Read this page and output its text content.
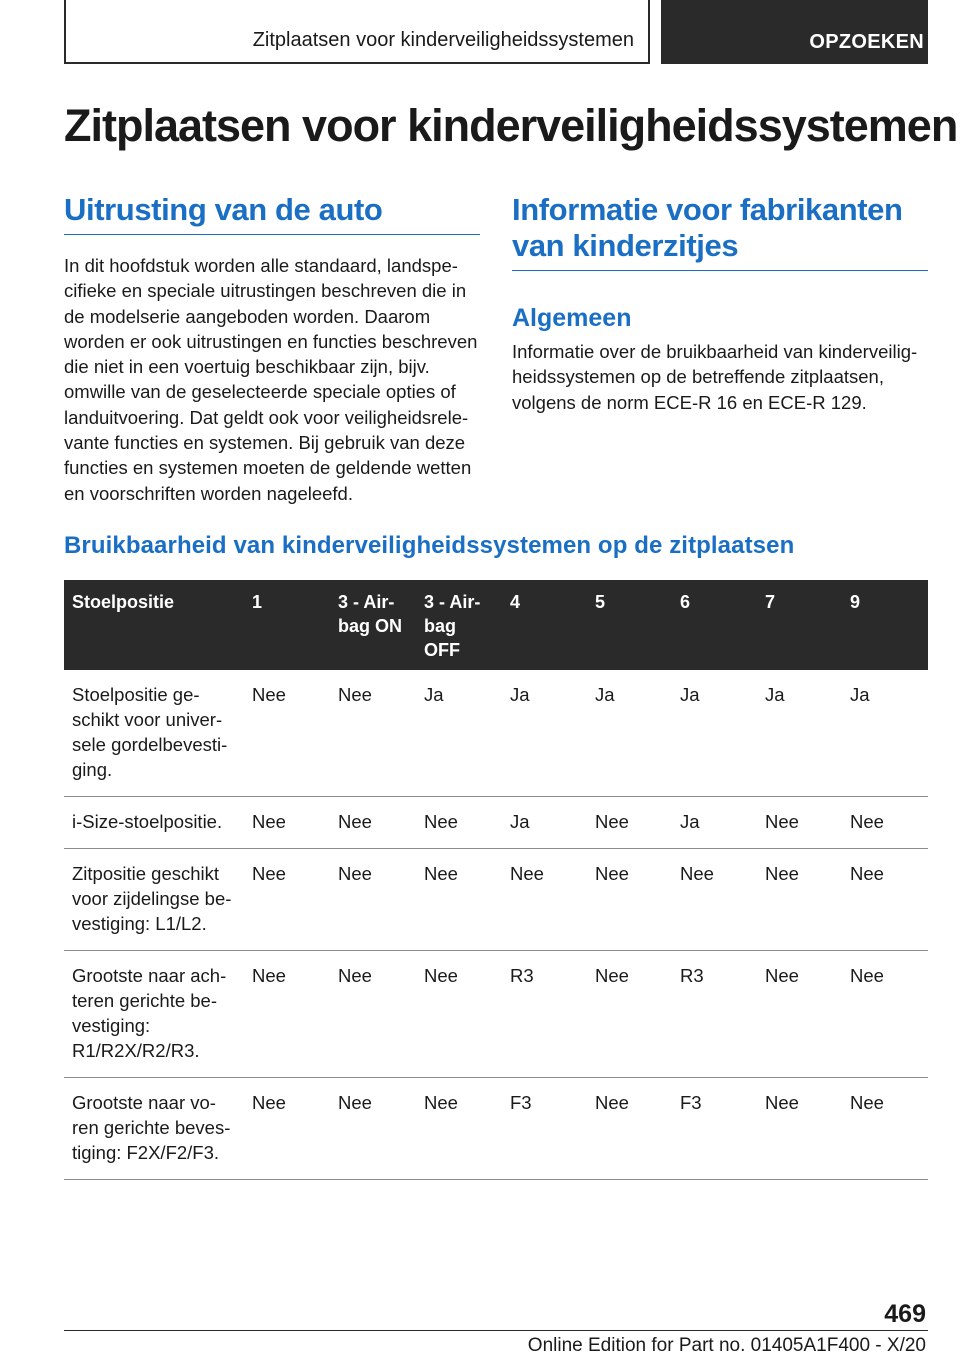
Zitplaatsen voor kinderveiligheidssystemen	OPZOEKEN
Zitplaatsen voor kinderveiligheidssystemen
Uitrusting van de auto

In dit hoofdstuk worden alle standaard, landspecifieke en speciale uitrustingen beschreven die in de modelserie aangeboden worden. Daarom worden er ook uitrustingen en functies beschreven die niet in een voertuig beschikbaar zijn, bijv. omwille van de geselecteerde speciale opties of landuitvoering. Dat geldt ook voor veiligheidsrelevante functies en systemen. Bij gebruik van deze functies en systemen moeten de geldende wetten en voorschriften worden nageleefd.

Informatie voor fabrikanten van kinderzitjes
Algemeen

Informatie over de bruikbaarheid van kinderveiligheidssystemen op de betreffende zitplaatsen, volgens de norm ECE-R 16 en ECE-R 129.

Bruikbaarheid van kinderveiligheidssystemen op de zitplaatsen
Stoelpositie	1	3 - Airbag ON	3 - Airbag OFF	4	5	6	7	9
Stoelpositie geschikt voor universele gordelbevestiging.	Nee	Nee	Ja	Ja	Ja	Ja	Ja	Ja
i-Size-stoelpositie.	Nee	Nee	Nee	Ja	Nee	Ja	Nee	Nee
Zitpositie geschikt voor zijdelingse bevestiging: L1/L2.	Nee	Nee	Nee	Nee	Nee	Nee	Nee	Nee
Grootste naar achteren gerichte bevestiging: R1/R2X/R2/R3.	Nee	Nee	Nee	R3	Nee	R3	Nee	Nee
Grootste naar voren gerichte bevestiging: F2X/F2/F3.	Nee	Nee	Nee	F3	Nee	F3	Nee	Nee
469
Online Edition for Part no. 01405A1F400 - X/20
